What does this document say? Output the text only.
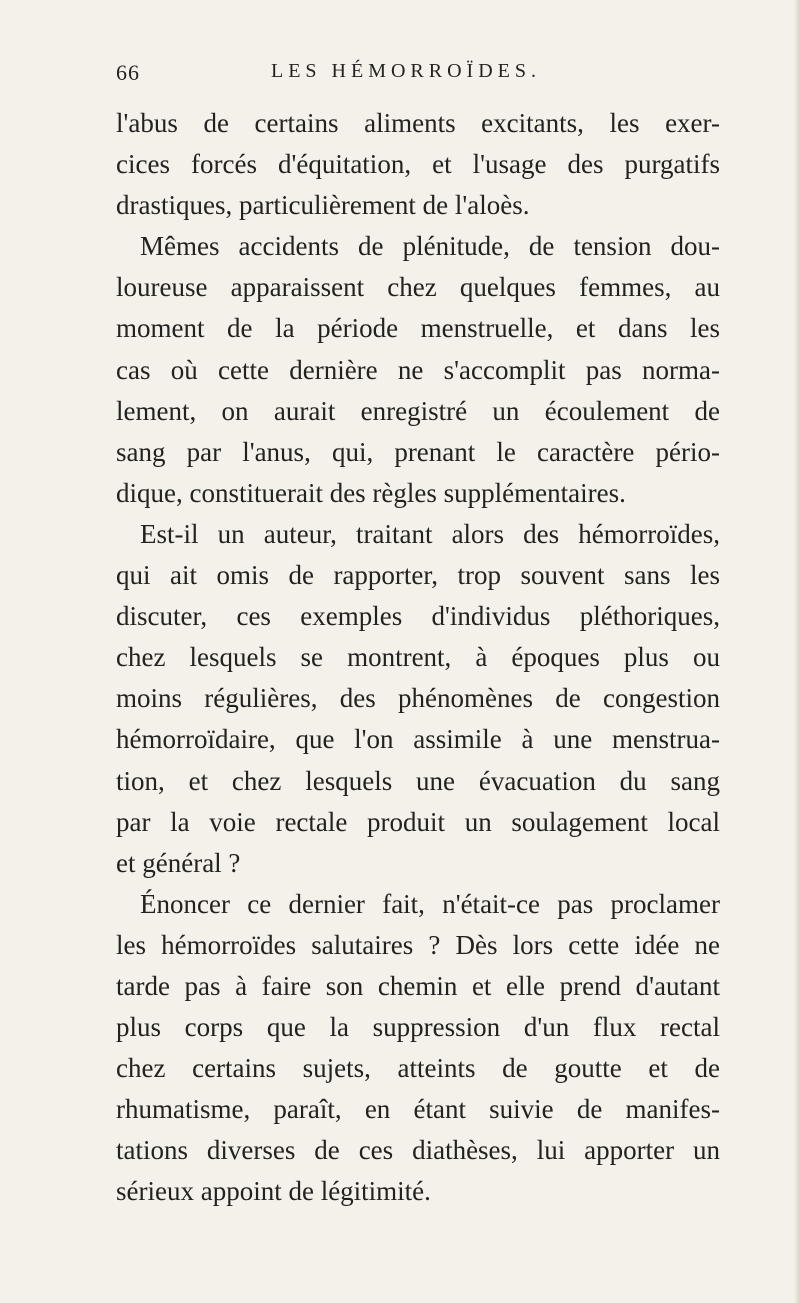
66	LES HÉMORROÏDES.
l'abus de certains aliments excitants, les exer-
cices forcés d'équitation, et l'usage des purgatifs
drastiques, particulièrement de l'aloès.
Mêmes accidents de plénitude, de tension dou-
loureuse apparaissent chez quelques femmes, au
moment de la période menstruelle, et dans les
cas où cette dernière ne s'accomplit pas norma-
lement, on aurait enregistré un écoulement de
sang par l'anus, qui, prenant le caractère pério-
dique, constituerait des règles supplémentaires.
Est-il un auteur, traitant alors des hémorroïdes,
qui ait omis de rapporter, trop souvent sans les
discuter, ces exemples d'individus pléthoriques,
chez lesquels se montrent, à époques plus ou
moins régulières, des phénomènes de congestion
hémorroïdaire, que l'on assimile à une menstrua-
tion, et chez lesquels une évacuation du sang
par la voie rectale produit un soulagement local
et général ?
Énoncer ce dernier fait, n'était-ce pas proclamer
les hémorroïdes salutaires ? Dès lors cette idée ne
tarde pas à faire son chemin et elle prend d'autant
plus corps que la suppression d'un flux rectal
chez certains sujets, atteints de goutte et de
rhumatisme, paraît, en étant suivie de manifes-
tations diverses de ces diathèses, lui apporter un
sérieux appoint de légitimité.
